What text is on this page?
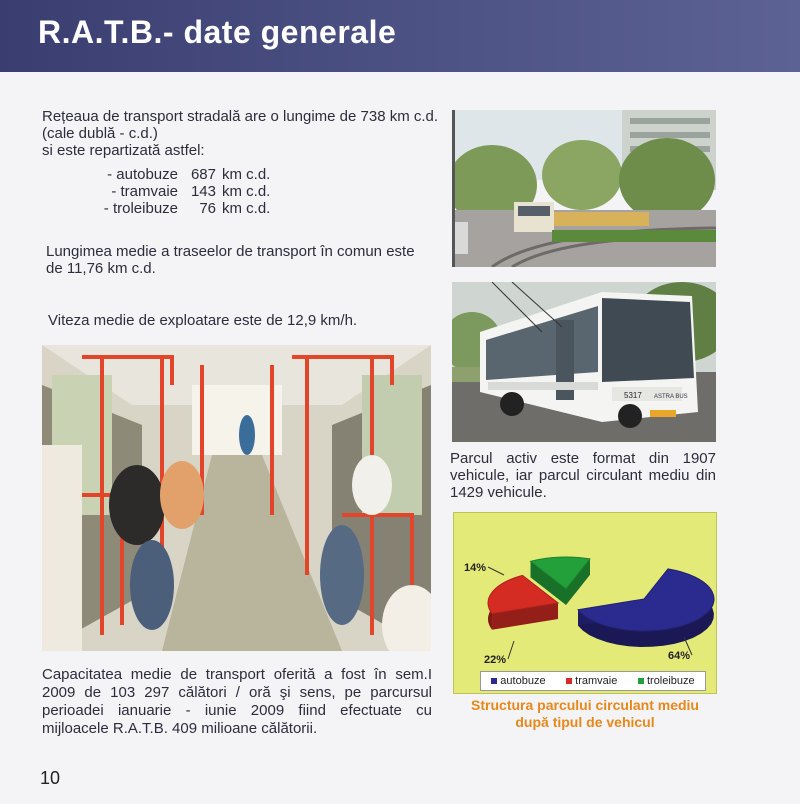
R.A.T.B.- date generale
Rețeaua de transport stradală are o lungime de 738 km c.d.
(cale dublă - c.d.)
si este repartizată astfel:
- autobuze 687 km c.d.
- tramvaie 143 km c.d.
- troleibuze	76 km c.d.
Lungimea medie a traseelor de transport în comun este
de 11,76 km c.d.
Viteza medie de exploatare este de 12,9 km/h.
5317 ASTRA BUS
Parcul activ este format din 1907 vehicule, iar parcul circulant mediu din 1429 vehicule.
64%
22%
14%
autobuze	tramvaie	troleibuze
Structura parcului circulant mediu după tipul de vehicul
Capacitatea medie de transport oferită a fost în sem.I 2009 de 103 297 călători / oră şi sens, pe parcursul perioadei ianuarie - iunie 2009 fiind efectuate cu mijloacele R.A.T.B. 409 milioane călătorii.
10
